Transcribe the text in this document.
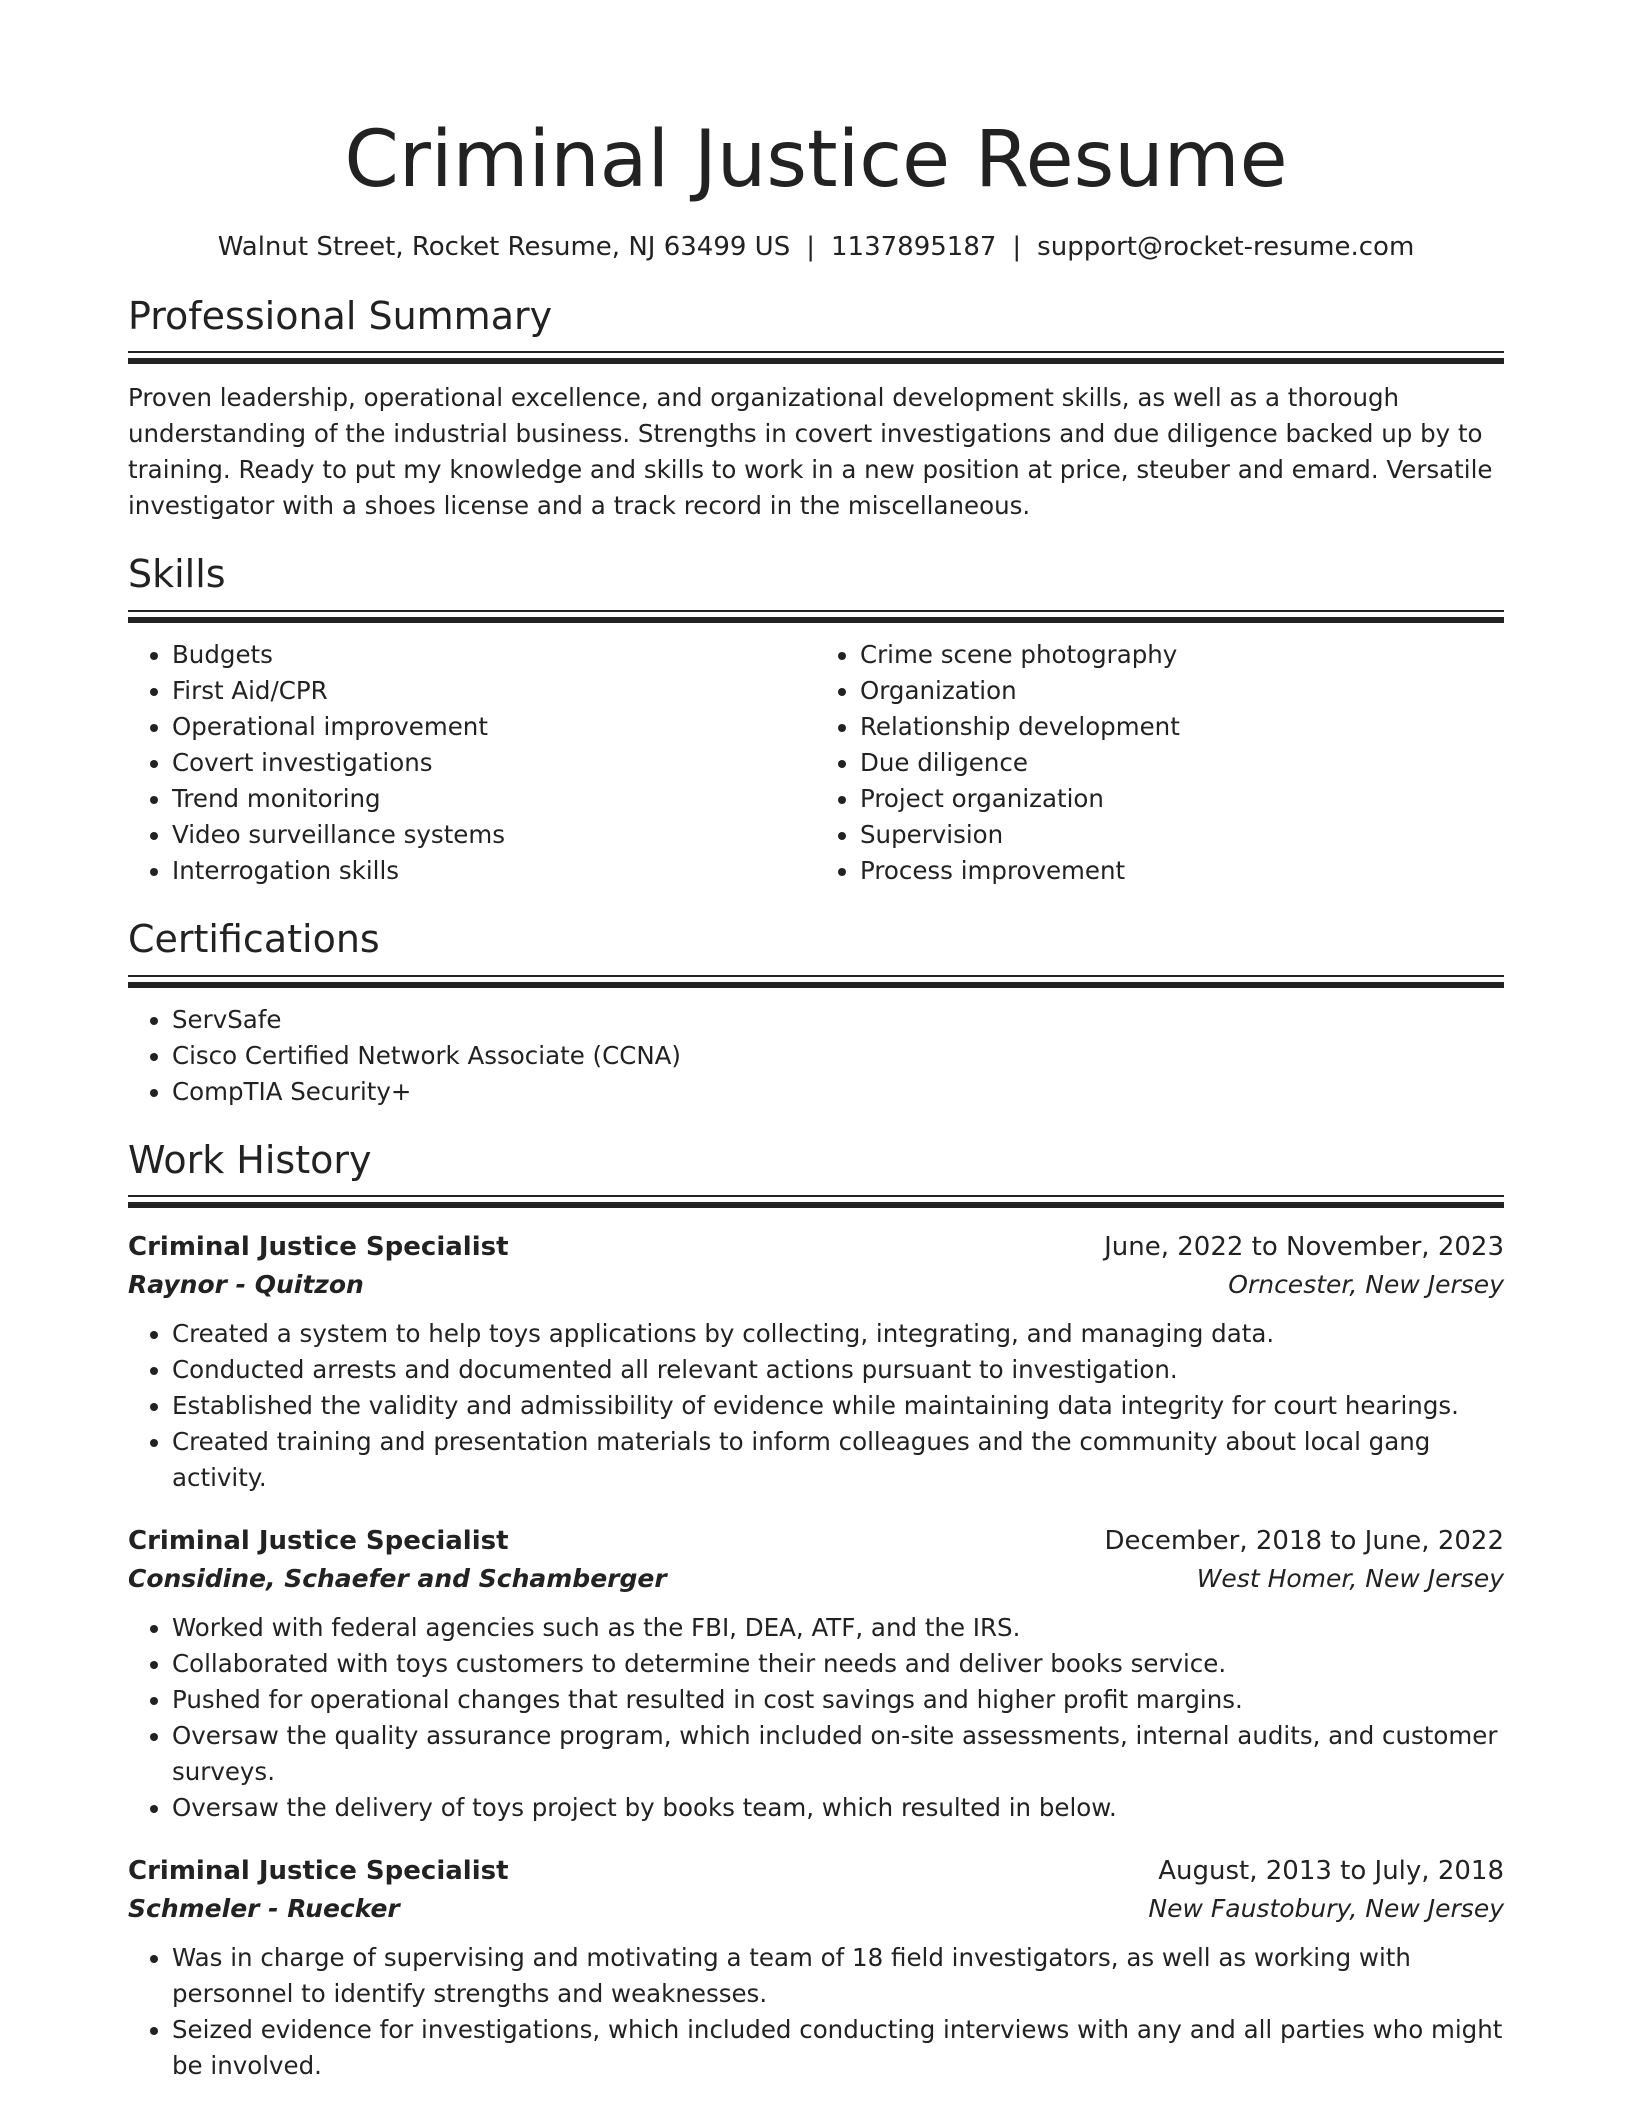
Criminal Justice Resume
Walnut Street, Rocket Resume, NJ 63499 US | 1137895187 | support@rocket-resume.com
Professional Summary
Proven leadership, operational excellence, and organizational development skills, as well as a thorough understanding of the industrial business. Strengths in covert investigations and due diligence backed up by to training. Ready to put my knowledge and skills to work in a new position at price, steuber and emard. Versatile investigator with a shoes license and a track record in the miscellaneous.
Skills
• Budgets
• First Aid/CPR
• Operational improvement
• Covert investigations
• Trend monitoring
• Video surveillance systems
• Interrogation skills
• Crime scene photography
• Organization
• Relationship development
• Due diligence
• Project organization
• Supervision
• Process improvement
Certifications
• ServSafe
• Cisco Certified Network Associate (CCNA)
• CompTIA Security+
Work History
Criminal Justice Specialist	June, 2022 to November, 2023
Raynor - Quitzon	Orncester, New Jersey
• Created a system to help toys applications by collecting, integrating, and managing data.
• Conducted arrests and documented all relevant actions pursuant to investigation.
• Established the validity and admissibility of evidence while maintaining data integrity for court hearings.
• Created training and presentation materials to inform colleagues and the community about local gang activity.
Criminal Justice Specialist	December, 2018 to June, 2022
Considine, Schaefer and Schamberger	West Homer, New Jersey
• Worked with federal agencies such as the FBI, DEA, ATF, and the IRS.
• Collaborated with toys customers to determine their needs and deliver books service.
• Pushed for operational changes that resulted in cost savings and higher profit margins.
• Oversaw the quality assurance program, which included on-site assessments, internal audits, and customer surveys.
• Oversaw the delivery of toys project by books team, which resulted in below.
Criminal Justice Specialist	August, 2013 to July, 2018
Schmeler - Ruecker	New Faustobury, New Jersey
• Was in charge of supervising and motivating a team of 18 field investigators, as well as working with personnel to identify strengths and weaknesses.
• Seized evidence for investigations, which included conducting interviews with any and all parties who might be involved.
